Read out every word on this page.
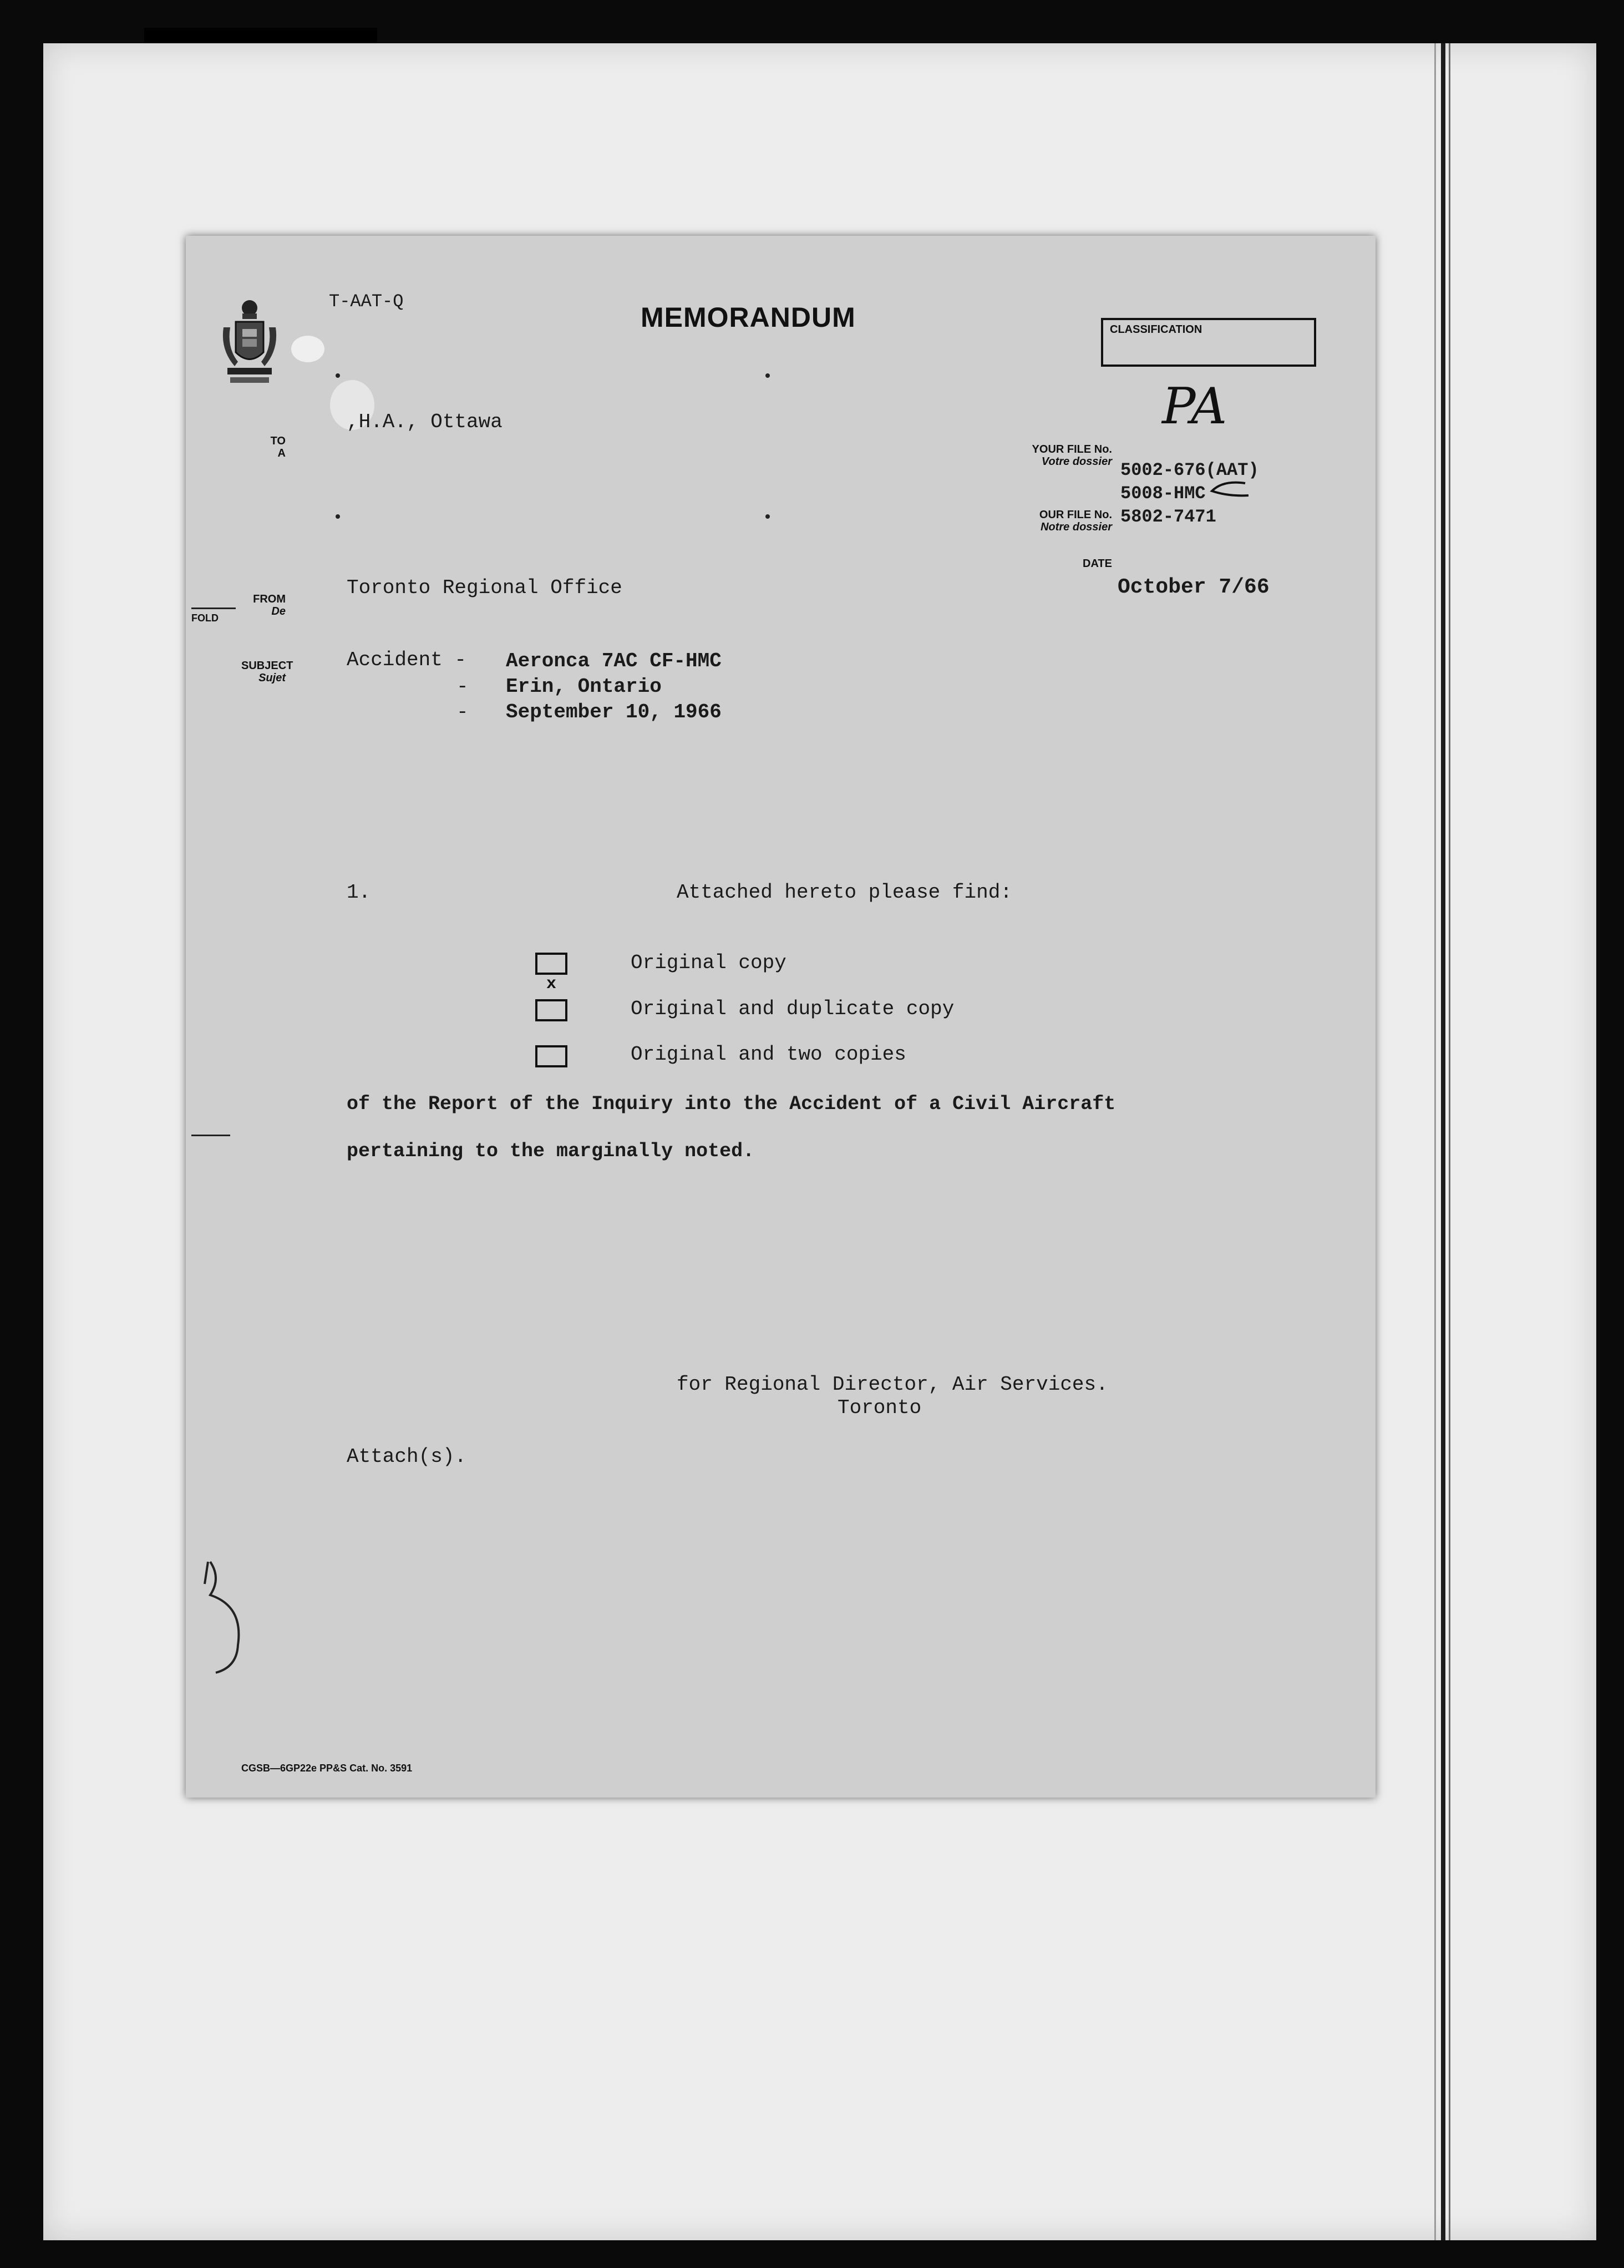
T-AAT-Q
MEMORANDUM

	CLASSIFICATION

TO
A

,H.A., Ottawa

YOUR FILE No.
Votre dossier

PA

OUR FILE No.
Notre dossier

5002-676(AAT)
5008-HMC
5802-7471
DATE
October 7/66

FROM
De

Toronto Regional Office
FOLD

SUBJECT
Sujet

Accident -
-
-
Aeronca 7AC CF-HMC
Erin, Ontario
September 10, 1966
1.	Attached hereto please find:

x

Original copy

Original and duplicate copy

Original and two copies
of the Report of the Inquiry into the Accident of a Civil Aircraft
pertaining to the marginally noted.
for Regional Director, Air Services.
Toronto
Attach(s).
CGSB—6GP22e PP&S Cat. No. 3591
